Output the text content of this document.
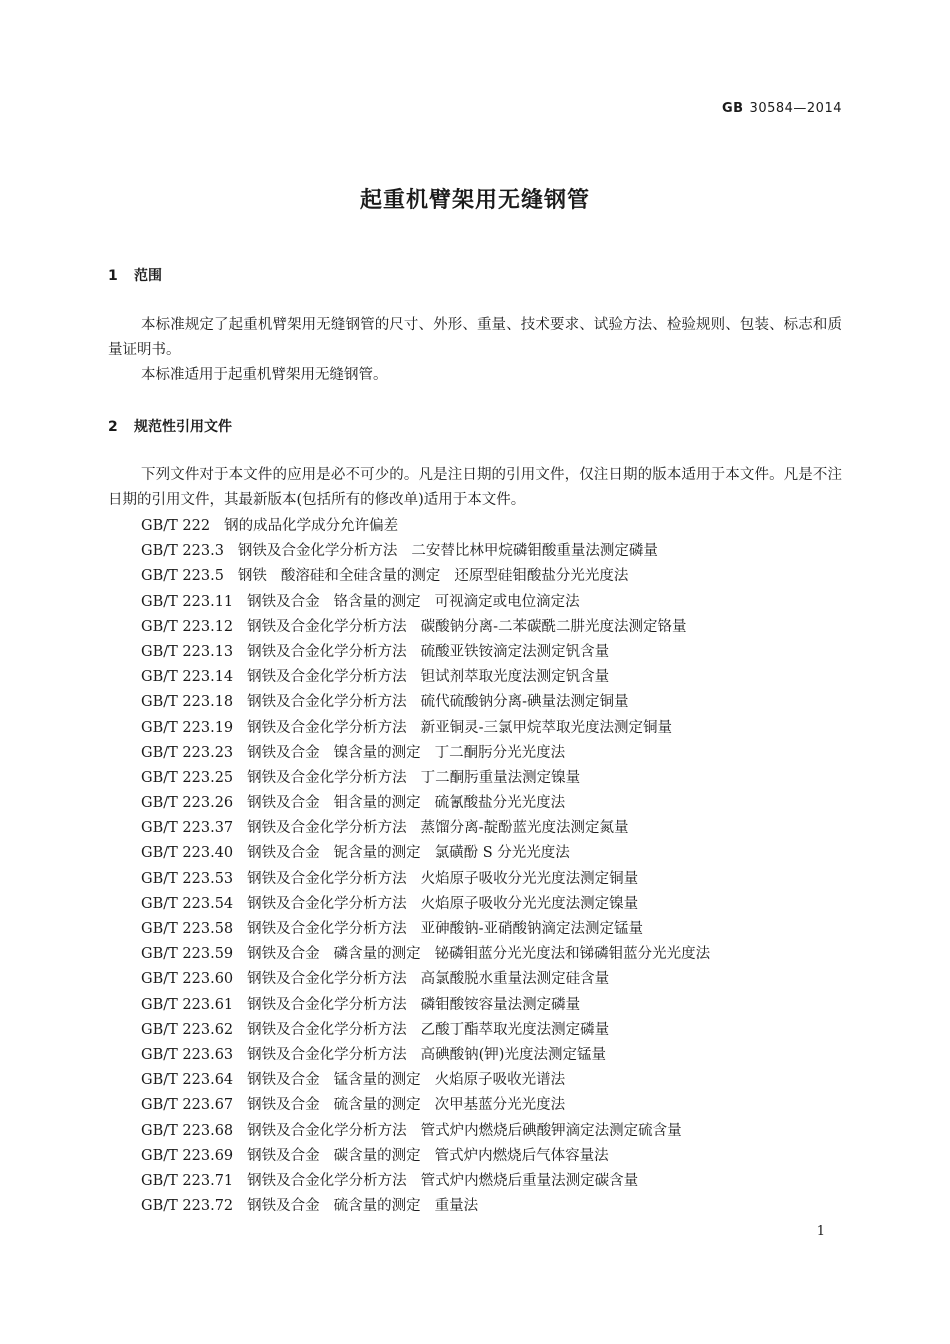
GB 30584—2014
起重机臂架用无缝钢管
1 范围
本标准规定了起重机臂架用无缝钢管的尺寸、外形、重量、技术要求、试验方法、检验规则、包装、标志和质量证明书。
本标准适用于起重机臂架用无缝钢管。
2 规范性引用文件
下列文件对于本文件的应用是必不可少的。凡是注日期的引用文件，仅注日期的版本适用于本文件。凡是不注日期的引用文件，其最新版本(包括所有的修改单)适用于本文件。
GB/T 222 钢的成品化学成分允许偏差
GB/T 223.3 钢铁及合金化学分析方法 二安替比林甲烷磷钼酸重量法测定磷量
GB/T 223.5 钢铁 酸溶硅和全硅含量的测定 还原型硅钼酸盐分光光度法
GB/T 223.11 钢铁及合金 铬含量的测定 可视滴定或电位滴定法
GB/T 223.12 钢铁及合金化学分析方法 碳酸钠分离-二苯碳酰二肼光度法测定铬量
GB/T 223.13 钢铁及合金化学分析方法 硫酸亚铁铵滴定法测定钒含量
GB/T 223.14 钢铁及合金化学分析方法 钽试剂萃取光度法测定钒含量
GB/T 223.18 钢铁及合金化学分析方法 硫代硫酸钠分离-碘量法测定铜量
GB/T 223.19 钢铁及合金化学分析方法 新亚铜灵-三氯甲烷萃取光度法测定铜量
GB/T 223.23 钢铁及合金 镍含量的测定 丁二酮肟分光光度法
GB/T 223.25 钢铁及合金化学分析方法 丁二酮肟重量法测定镍量
GB/T 223.26 钢铁及合金 钼含量的测定 硫氰酸盐分光光度法
GB/T 223.37 钢铁及合金化学分析方法 蒸馏分离-靛酚蓝光度法测定氮量
GB/T 223.40 钢铁及合金 铌含量的测定 氯磺酚 S 分光光度法
GB/T 223.53 钢铁及合金化学分析方法 火焰原子吸收分光光度法测定铜量
GB/T 223.54 钢铁及合金化学分析方法 火焰原子吸收分光光度法测定镍量
GB/T 223.58 钢铁及合金化学分析方法 亚砷酸钠-亚硝酸钠滴定法测定锰量
GB/T 223.59 钢铁及合金 磷含量的测定 铋磷钼蓝分光光度法和锑磷钼蓝分光光度法
GB/T 223.60 钢铁及合金化学分析方法 高氯酸脱水重量法测定硅含量
GB/T 223.61 钢铁及合金化学分析方法 磷钼酸铵容量法测定磷量
GB/T 223.62 钢铁及合金化学分析方法 乙酸丁酯萃取光度法测定磷量
GB/T 223.63 钢铁及合金化学分析方法 高碘酸钠(钾)光度法测定锰量
GB/T 223.64 钢铁及合金 锰含量的测定 火焰原子吸收光谱法
GB/T 223.67 钢铁及合金 硫含量的测定 次甲基蓝分光光度法
GB/T 223.68 钢铁及合金化学分析方法 管式炉内燃烧后碘酸钾滴定法测定硫含量
GB/T 223.69 钢铁及合金 碳含量的测定 管式炉内燃烧后气体容量法
GB/T 223.71 钢铁及合金化学分析方法 管式炉内燃烧后重量法测定碳含量
GB/T 223.72 钢铁及合金 硫含量的测定 重量法
1
